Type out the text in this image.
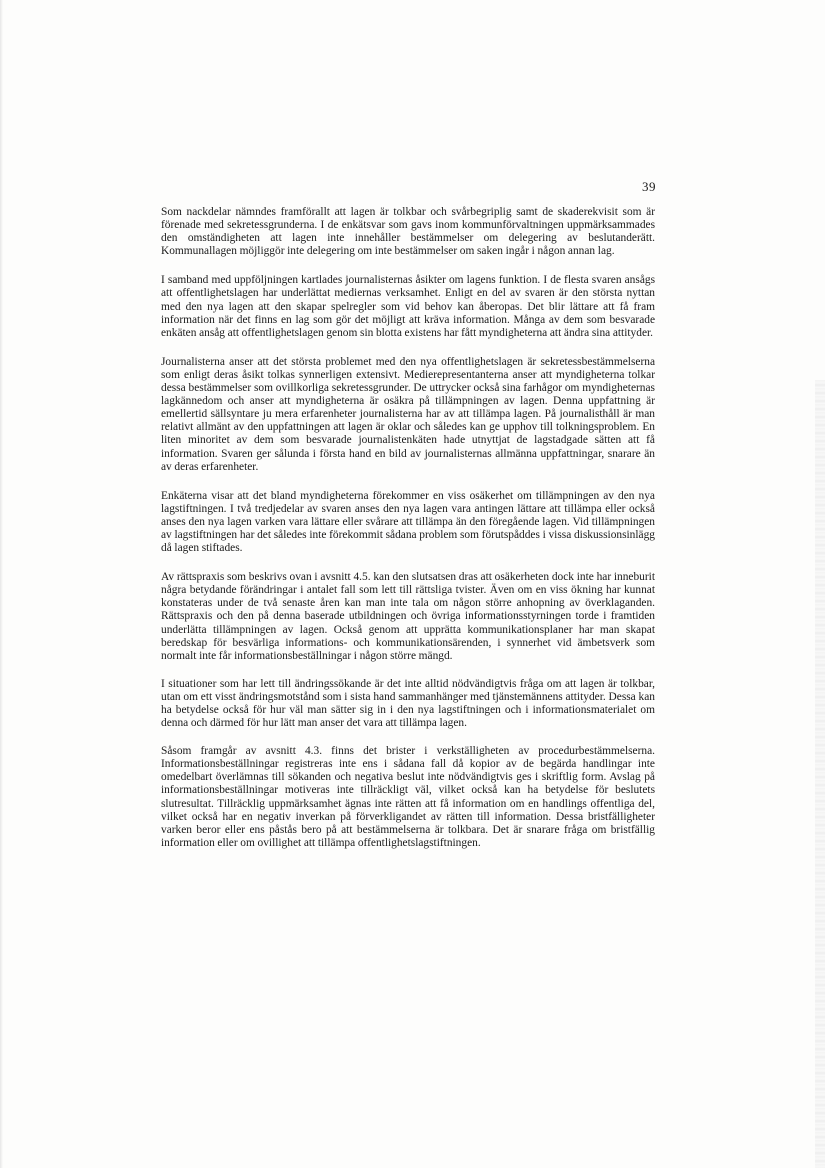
39

Som nackdelar nämndes framförallt att lagen är tolkbar och svårbegriplig samt de skaderekvisit som är förenade med sekretessgrunderna. I de enkätsvar som gavs inom kommunförvaltningen uppmärksammades den omständigheten att lagen inte innehåller bestämmelser om delegering av beslutanderätt. Kommunallagen möjliggör inte delegering om inte bestämmelser om saken ingår i någon annan lag.

I samband med uppföljningen kartlades journalisternas åsikter om lagens funktion. I de flesta svaren ansågs att offentlighetslagen har underlättat mediernas verksamhet. Enligt en del av svaren är den största nyttan med den nya lagen att den skapar spelregler som vid behov kan åberopas. Det blir lättare att få fram information när det finns en lag som gör det möjligt att kräva information. Många av dem som besvarade enkäten ansåg att offentlighetslagen genom sin blotta existens har fått myndigheterna att ändra sina attityder.

Journalisterna anser att det största problemet med den nya offentlighetslagen är sekretessbestämmelserna som enligt deras åsikt tolkas synnerligen extensivt. Medierepresentanterna anser att myndigheterna tolkar dessa bestämmelser som ovillkorliga sekretessgrunder. De uttrycker också sina farhågor om myndigheternas lagkännedom och anser att myndigheterna är osäkra på tillämpningen av lagen. Denna uppfattning är emellertid sällsyntare ju mera erfarenheter journalisterna har av att tillämpa lagen. På journalisthåll är man relativt allmänt av den uppfattningen att lagen är oklar och således kan ge upphov till tolkningsproblem. En liten minoritet av dem som besvarade journalistenkäten hade utnyttjat de lagstadgade sätten att få information. Svaren ger sålunda i första hand en bild av journalisternas allmänna uppfattningar, snarare än av deras erfarenheter.

Enkäterna visar att det bland myndigheterna förekommer en viss osäkerhet om tillämpningen av den nya lagstiftningen. I två tredjedelar av svaren anses den nya lagen vara antingen lättare att tillämpa eller också anses den nya lagen varken vara lättare eller svårare att tillämpa än den föregående lagen. Vid tillämpningen av lagstiftningen har det således inte förekommit sådana problem som förutspåddes i vissa diskussionsinlägg då lagen stiftades.

Av rättspraxis som beskrivs ovan i avsnitt 4.5. kan den slutsatsen dras att osäkerheten dock inte har inneburit några betydande förändringar i antalet fall som lett till rättsliga tvister. Även om en viss ökning har kunnat konstateras under de två senaste åren kan man inte tala om någon större anhopning av överklaganden. Rättspraxis och den på denna baserade utbildningen och övriga informationsstyrningen torde i framtiden underlätta tillämpningen av lagen. Också genom att upprätta kommunikationsplaner har man skapat beredskap för besvärliga informations- och kommunikationsärenden, i synnerhet vid ämbetsverk som normalt inte får informationsbeställningar i någon större mängd.

I situationer som har lett till ändringssökande är det inte alltid nödvändigtvis fråga om att lagen är tolkbar, utan om ett visst ändringsmotstånd som i sista hand sammanhänger med tjänstemännens attityder. Dessa kan ha betydelse också för hur väl man sätter sig in i den nya lagstiftningen och i informationsmaterialet om denna och därmed för hur lätt man anser det vara att tillämpa lagen.

Såsom framgår av avsnitt 4.3. finns det brister i verkställigheten av procedurbestämmelserna. Informationsbeställningar registreras inte ens i sådana fall då kopior av de begärda handlingar inte omedelbart överlämnas till sökanden och negativa beslut inte nödvändigtvis ges i skriftlig form. Avslag på informationsbeställningar motiveras inte tillräckligt väl, vilket också kan ha betydelse för beslutets slutresultat. Tillräcklig uppmärksamhet ägnas inte rätten att få information om en handlings offentliga del, vilket också har en negativ inverkan på förverkligandet av rätten till information. Dessa bristfälligheter varken beror eller ens påstås bero på att bestämmelserna är tolkbara. Det är snarare fråga om bristfällig information eller om ovillighet att tillämpa offentlighetslagstiftningen.
